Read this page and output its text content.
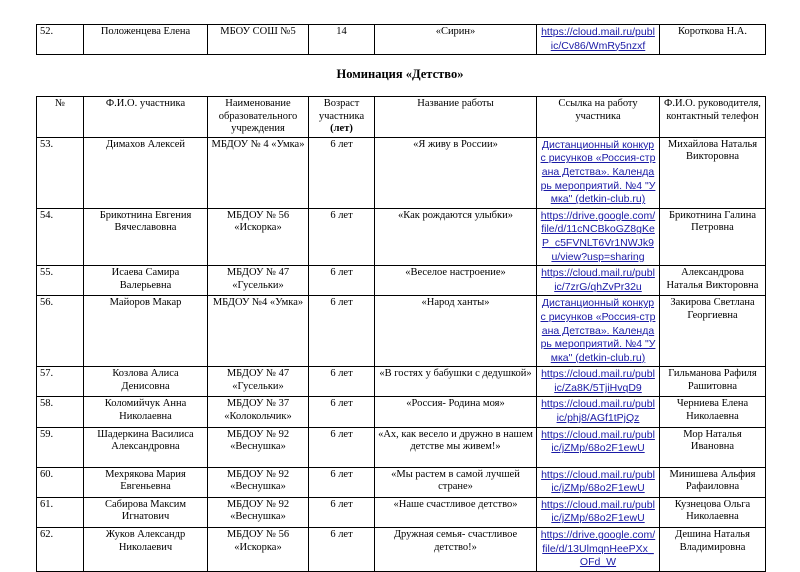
52.	Положенцева Елена	МБОУ СОШ №5	14	«Сирин»	https://cloud.mail.ru/public/Cv86/WmRy5nzxf	Короткова Н.А.
Номинация «Детство»
№	Ф.И.О. участника	Наименование образовательного учреждения	Возраст участника (лет)	Название работы	Ссылка на работу участника	Ф.И.О. руководителя, контактный телефон
53.	Димахов Алексей	МБДОУ № 4 «Умка»	6 лет	«Я живу в России»	Дистанционный конкурс рисунков «Россия-страна Детства». Календарь мероприятий. №4 "Умка" (detkin-club.ru)	Михайлова Наталья Викторовна
54.	Брикотнина Евгения Вячеславовна	МБДОУ № 56 «Искорка»	6 лет	«Как рождаются улыбки»	https://drive.google.com/file/d/11cNCBkoGZ8gKeP_c5FVNLT6Vr1NWJk9u/view?usp=sharing	Брикотнина Галина Петровна
55.	Исаева Самира Валерьевна	МБДОУ № 47 «Гусельки»	6 лет	«Веселое настроение»	https://cloud.mail.ru/public/7zrG/qhZvPr32u	Александрова Наталья Викторовна
56.	Майоров Макар	МБДОУ №4 «Умка»	6 лет	«Народ ханты»	Дистанционный конкурс рисунков «Россия-страна Детства». Календарь мероприятий. №4 "Умка" (detkin-club.ru)	Закирова Светлана Георгиевна
57.	Козлова Алиса Денисовна	МБДОУ № 47 «Гусельки»	6 лет	«В гостях у бабушки с дедушкой»	https://cloud.mail.ru/public/Za8K/5TjiHvqD9	Гильманова Рафиля Рашитовна
58.	Коломийчук Анна Николаевна	МБДОУ № 37 «Колокольчик»	6 лет	«Россия- Родина моя»	https://cloud.mail.ru/public/phj8/AGf1tPjQz	Черниева Елена Николаевна
59.	Шадеркина Василиса Александровна	МБДОУ № 92 «Веснушка»	6 лет	«Ах, как весело и дружно в нашем детстве мы живем!»	https://cloud.mail.ru/public/jZMp/68o2F1ewU	Мор Наталья Ивановна
60.	Мехрякова Мария Евгеньевна	МБДОУ № 92 «Веснушка»	6 лет	«Мы растем в самой лучшей стране»	https://cloud.mail.ru/public/jZMp/68o2F1ewU	Минишева Альфия Рафаиловна
61.	Сабирова Максим Игнатович	МБДОУ № 92 «Веснушка»	6 лет	«Наше счастливое детство»	https://cloud.mail.ru/public/jZMp/68o2F1ewU	Кузнецова Ольга Николаевна
62.	Жуков Александр Николаевич	МБДОУ № 56 «Искорка»	6 лет	Дружная семья- счастливое детство!»	https://drive.google.com/file/d/13UlmqnHeePXx_OFd_W	Дешина Наталья Владимировна
